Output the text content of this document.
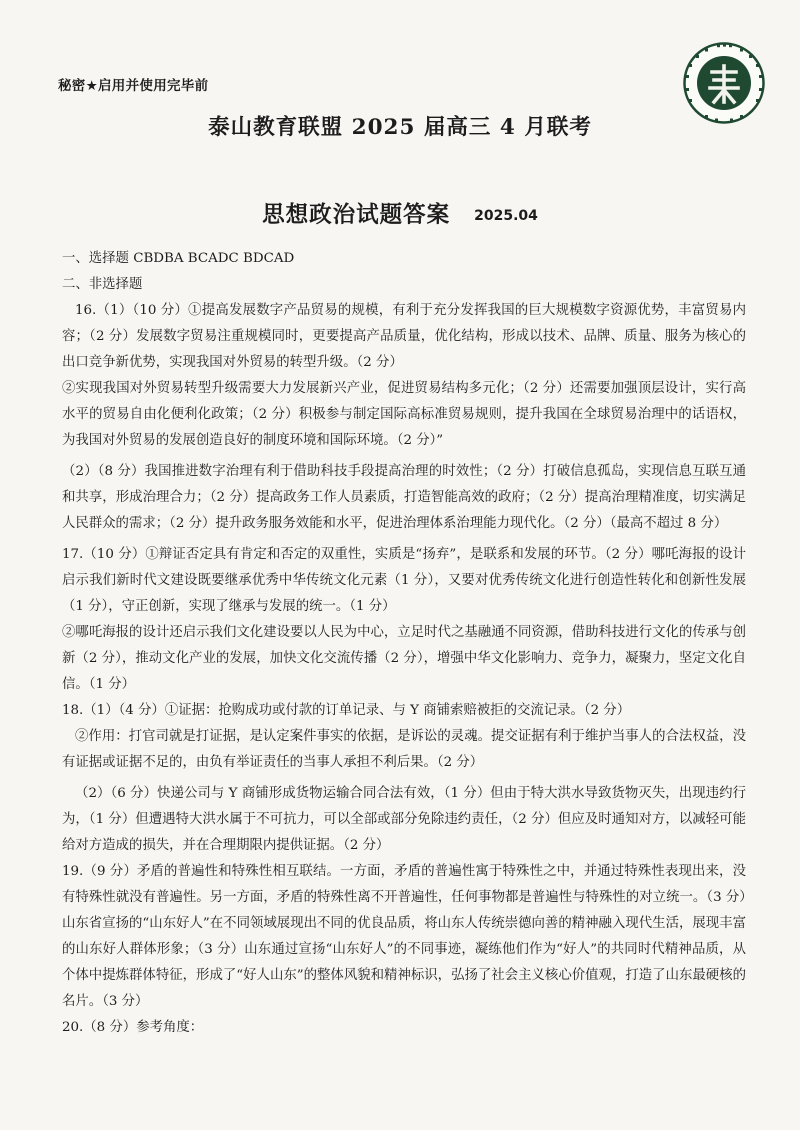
秘密★启用并使用完毕前
泰山教育联盟 2025 届高三 4 月联考
思想政治试题答案 2025.04

一、选择题 CBDBA BCADC BDCAD

二、非选择题

16.（1）（10 分）①提高发展数字产品贸易的规模，有利于充分发挥我国的巨大规模数字资源优势，丰富贸易内容；（2 分）发展数字贸易注重规模同时，更要提高产品质量，优化结构，形成以技术、品牌、质量、服务为核心的出口竞争新优势，实现我国对外贸易的转型升级。（2 分）

②实现我国对外贸易转型升级需要大力发展新兴产业，促进贸易结构多元化；（2 分）还需要加强顶层设计，实行高水平的贸易自由化便利化政策；（2 分）积极参与制定国际高标准贸易规则，提升我国在全球贸易治理中的话语权，为我国对外贸易的发展创造良好的制度环境和国际环境。（2 分）”

（2）（8 分）我国推进数字治理有利于借助科技手段提高治理的时效性；（2 分）打破信息孤岛，实现信息互联互通和共享，形成治理合力；（2 分）提高政务工作人员素质，打造智能高效的政府；（2 分）提高治理精准度，切实满足人民群众的需求；（2 分）提升政务服务效能和水平，促进治理体系治理能力现代化。（2 分）（最高不超过 8 分）

17.（10 分）①辩证否定具有肯定和否定的双重性，实质是“扬弃”，是联系和发展的环节。（2 分）哪吒海报的设计启示我们新时代文建设既要继承优秀中华传统文化元素（1 分），又要对优秀传统文化进行创造性转化和创新性发展（1 分），守正创新，实现了继承与发展的统一。（1 分）

②哪吒海报的设计还启示我们文化建设要以人民为中心，立足时代之基融通不同资源，借助科技进行文化的传承与创新（2 分），推动文化产业的发展，加快文化交流传播（2 分），增强中华文化影响力、竞争力，凝聚力，坚定文化自信。（1 分）

18.（1）（4 分）①证据：抢购成功或付款的订单记录、与 Y 商铺索赔被拒的交流记录。（2 分）

②作用：打官司就是打证据，是认定案件事实的依据，是诉讼的灵魂。提交证据有利于维护当事人的合法权益，没有证据或证据不足的，由负有举证责任的当事人承担不利后果。（2 分）

（2）（6 分）快递公司与 Y 商铺形成货物运输合同合法有效，（1 分）但由于特大洪水导致货物灭失，出现违约行为，（1 分）但遭遇特大洪水属于不可抗力，可以全部或部分免除违约责任，（2 分）但应及时通知对方，以减轻可能给对方造成的损失，并在合理期限内提供证据。（2 分）

19.（9 分）矛盾的普遍性和特殊性相互联结。一方面，矛盾的普遍性寓于特殊性之中，并通过特殊性表现出来，没有特殊性就没有普遍性。另一方面，矛盾的特殊性离不开普遍性，任何事物都是普遍性与特殊性的对立统一。（3 分）山东省宣扬的“山东好人”在不同领域展现出不同的优良品质，将山东人传统崇德向善的精神融入现代生活，展现丰富的山东好人群体形象；（3 分）山东通过宣扬“山东好人”的不同事迹，凝练他们作为“好人”的共同时代精神品质，从个体中提炼群体特征，形成了“好人山东”的整体风貌和精神标识，弘扬了社会主义核心价值观，打造了山东最硬核的名片。（3 分）

20.（8 分）参考角度：
